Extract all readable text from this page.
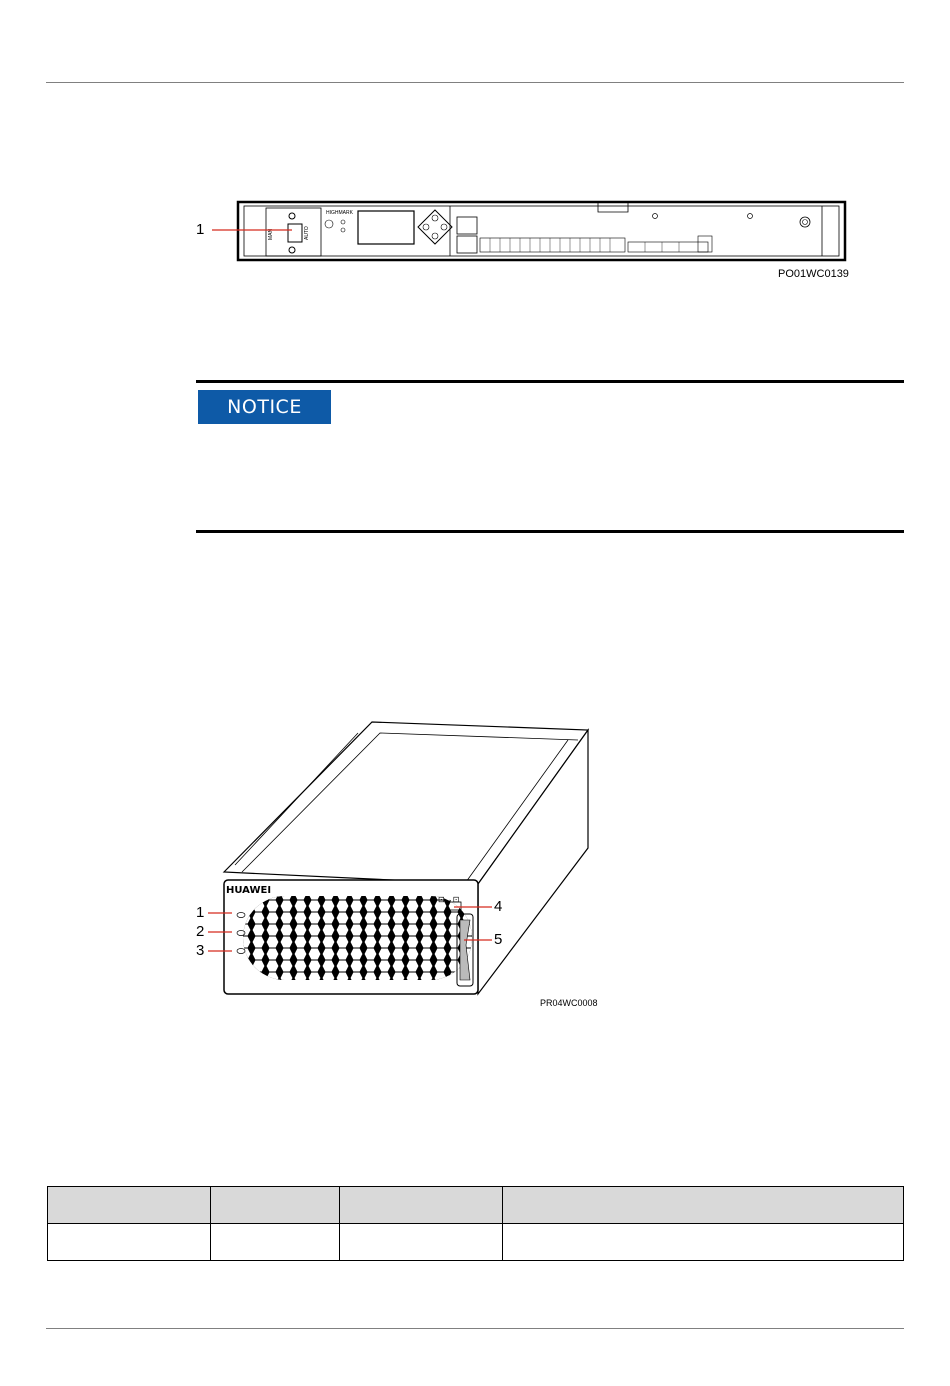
1	MAN	AUTO
HIGHMARK
PO01WC0139
NOTICE
HUAWEI
⊡→⊡
1
2
3
4
5
PR04WC0008
